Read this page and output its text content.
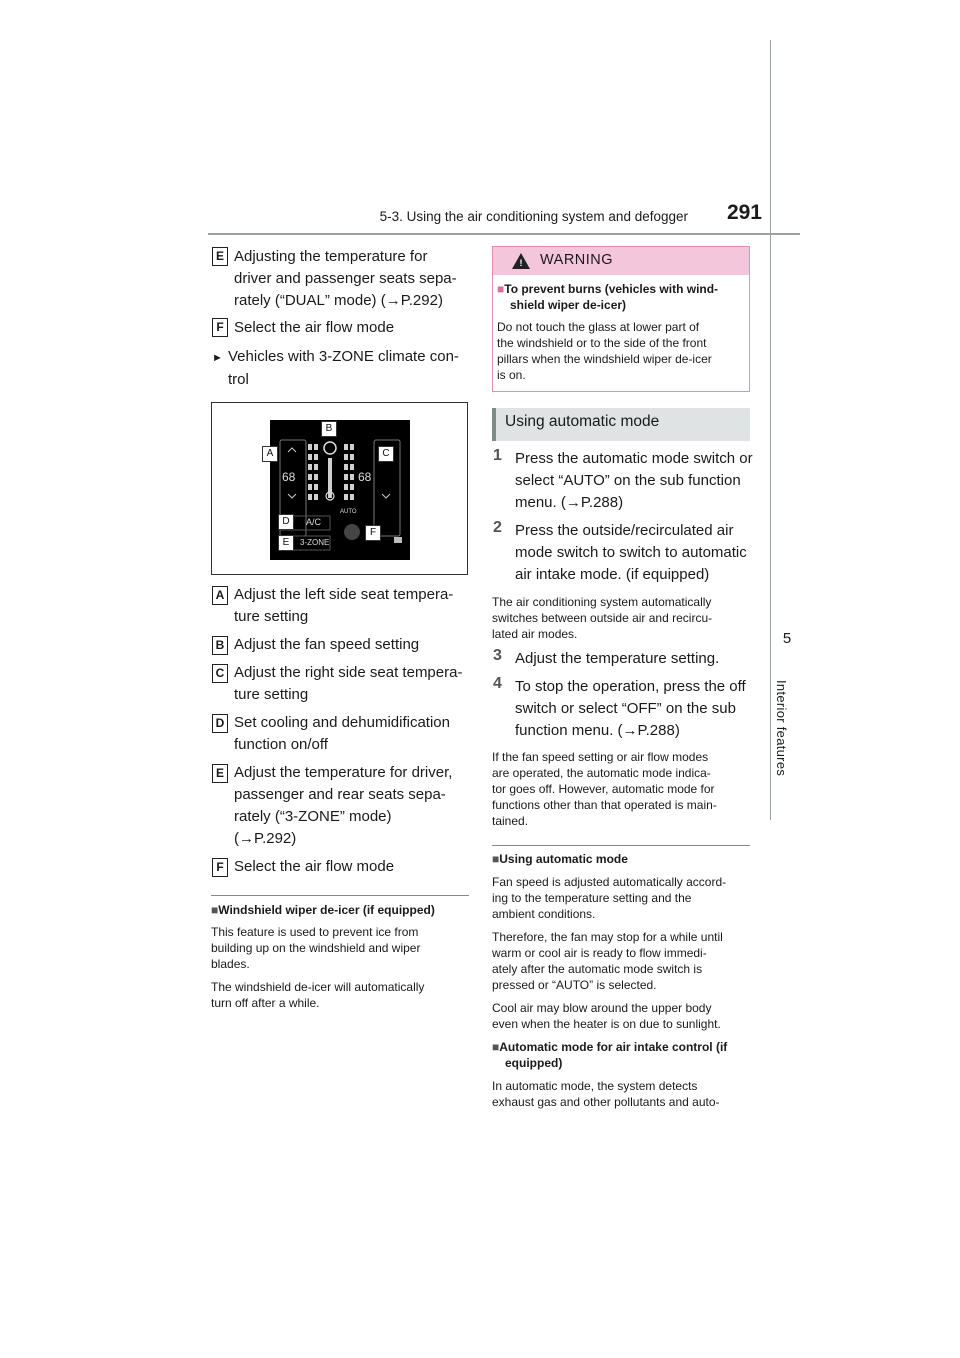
5-3. Using the air conditioning system and defogger	291
5
Interior features
E Adjusting the temperature for
driver and passenger seats sepa-
rately (“DUAL” mode) (→P.292)
F Select the air flow mode
► Vehicles with 3-ZONE climate con-
trol
68	68
A/C
AUTO
3-ZONE
A
B
C
D
E
F
A Adjust the left side seat tempera-
ture setting
B Adjust the fan speed setting
C Adjust the right side seat tempera-
ture setting
D Set cooling and dehumidification
function on/off
E Adjust the temperature for driver,
passenger and rear seats sepa-
rately (“3-ZONE” mode)
(→P.292)
F Select the air flow mode
■Windshield wiper de-icer (if equipped)
This feature is used to prevent ice from
building up on the windshield and wiper
blades.
The windshield de-icer will automatically
turn off after a while.
! WARNING
■To prevent burns (vehicles with wind-
shield wiper de-icer)
Do not touch the glass at lower part of
the windshield or to the side of the front
pillars when the windshield wiper de-icer
is on.
Using automatic mode
1 Press the automatic mode switch or
select “AUTO” on the sub function
menu. (→P.288)
2 Press the outside/recirculated air
mode switch to switch to automatic
air intake mode. (if equipped)
The air conditioning system automatically
switches between outside air and recircu-
lated air modes.
3 Adjust the temperature setting.
4 To stop the operation, press the off
switch or select “OFF” on the sub
function menu. (→P.288)
If the fan speed setting or air flow modes
are operated, the automatic mode indica-
tor goes off. However, automatic mode for
functions other than that operated is main-
tained.
■Using automatic mode
Fan speed is adjusted automatically accord-
ing to the temperature setting and the
ambient conditions.
Therefore, the fan may stop for a while until
warm or cool air is ready to flow immedi-
ately after the automatic mode switch is
pressed or “AUTO” is selected.
Cool air may blow around the upper body
even when the heater is on due to sunlight.
■Automatic mode for air intake control (if
equipped)
In automatic mode, the system detects
exhaust gas and other pollutants and auto-
